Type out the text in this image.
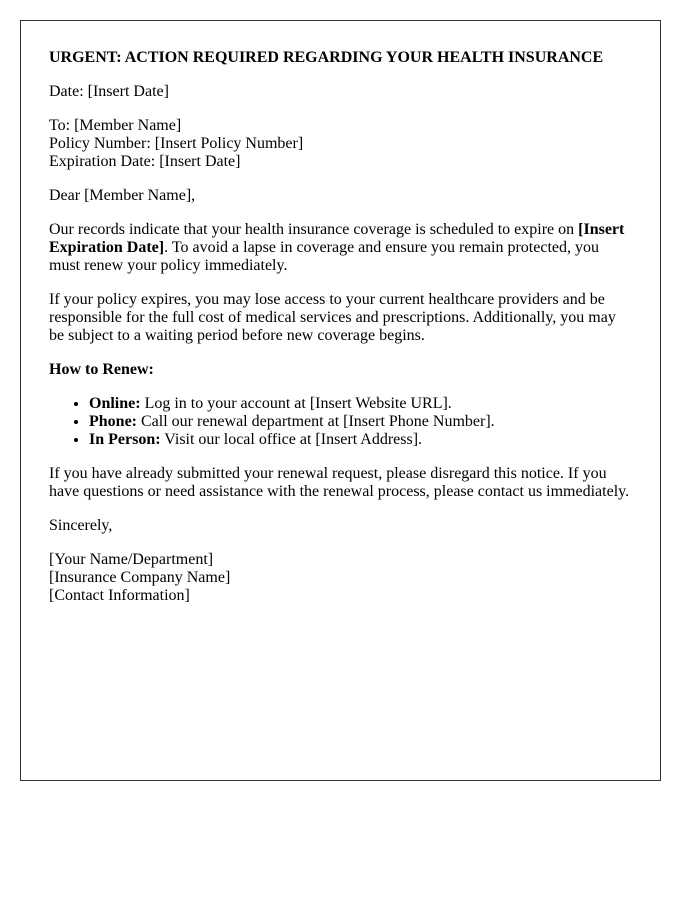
URGENT: ACTION REQUIRED REGARDING YOUR HEALTH INSURANCE

Date: [Insert Date]

To: [Member Name]
Policy Number: [Insert Policy Number]
Expiration Date: [Insert Date]

Dear [Member Name],

Our records indicate that your health insurance coverage is scheduled to expire on [Insert Expiration Date]. To avoid a lapse in coverage and ensure you remain protected, you must renew your policy immediately.

If your policy expires, you may lose access to your current healthcare providers and be responsible for the full cost of medical services and prescriptions. Additionally, you may be subject to a waiting period before new coverage begins.

How to Renew:

• Online: Log in to your account at [Insert Website URL].
• Phone: Call our renewal department at [Insert Phone Number].
• In Person: Visit our local office at [Insert Address].

If you have already submitted your renewal request, please disregard this notice. If you have questions or need assistance with the renewal process, please contact us immediately.

Sincerely,

[Your Name/Department]
[Insurance Company Name]
[Contact Information]
